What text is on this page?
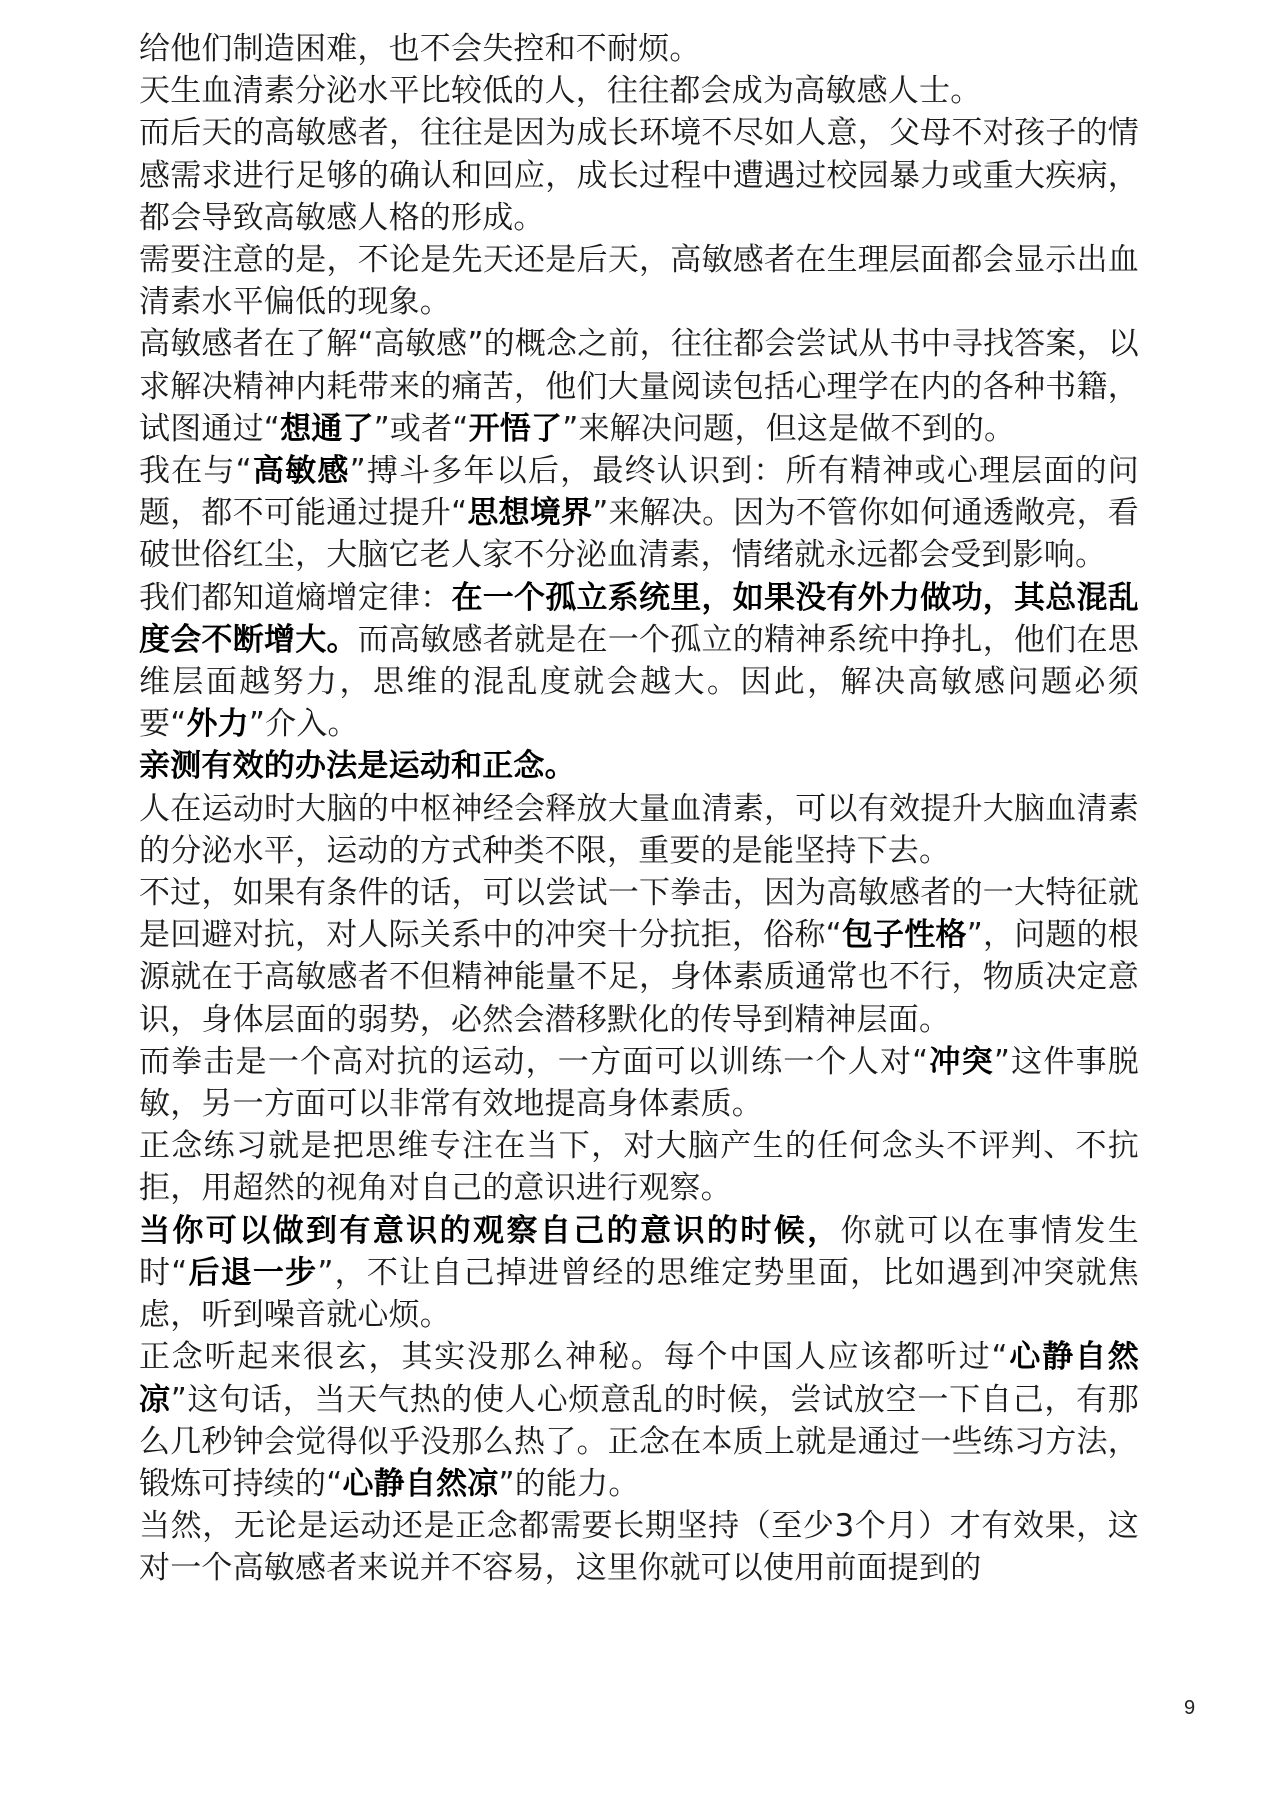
给他们制造困难，也不会失控和不耐烦。

天生血清素分泌水平比较低的人，往往都会成为高敏感人士。

而后天的高敏感者，往往是因为成长环境不尽如人意，父母不对孩子的情感需求进行足够的确认和回应，成长过程中遭遇过校园暴力或重大疾病，都会导致高敏感人格的形成。

需要注意的是，不论是先天还是后天，高敏感者在生理层面都会显示出血清素水平偏低的现象。

高敏感者在了解“高敏感”的概念之前，往往都会尝试从书中寻找答案，以求解决精神内耗带来的痛苦，他们大量阅读包括心理学在内的各种书籍，试图通过“想通了”或者“开悟了”来解决问题，但这是做不到的。

我在与“高敏感”搏斗多年以后，最终认识到：所有精神或心理层面的问题，都不可能通过提升“思想境界”来解决。因为不管你如何通透敞亮，看破世俗红尘，大脑它老人家不分泌血清素，情绪就永远都会受到影响。

我们都知道熵增定律：在一个孤立系统里，如果没有外力做功，其总混乱度会不断增大。而高敏感者就是在一个孤立的精神系统中挣扎，他们在思维层面越努力，思维的混乱度就会越大。因此，解决高敏感问题必须要“外力”介入。

亲测有效的办法是运动和正念。

人在运动时大脑的中枢神经会释放大量血清素，可以有效提升大脑血清素的分泌水平，运动的方式种类不限，重要的是能坚持下去。

不过，如果有条件的话，可以尝试一下拳击，因为高敏感者的一大特征就是回避对抗，对人际关系中的冲突十分抗拒，俗称“包子性格”，问题的根源就在于高敏感者不但精神能量不足，身体素质通常也不行，物质决定意识，身体层面的弱势，必然会潜移默化的传导到精神层面。

而拳击是一个高对抗的运动，一方面可以训练一个人对“冲突”这件事脱敏，另一方面可以非常有效地提高身体素质。

正念练习就是把思维专注在当下，对大脑产生的任何念头不评判、不抗拒，用超然的视角对自己的意识进行观察。

当你可以做到有意识的观察自己的意识的时候，你就可以在事情发生时“后退一步”，不让自己掉进曾经的思维定势里面，比如遇到冲突就焦虑，听到噪音就心烦。

正念听起来很玄，其实没那么神秘。每个中国人应该都听过“心静自然凉”这句话，当天气热的使人心烦意乱的时候，尝试放空一下自己，有那么几秒钟会觉得似乎没那么热了。正念在本质上就是通过一些练习方法，锻炼可持续的“心静自然凉”的能力。

当然，无论是运动还是正念都需要长期坚持（至少3个月）才有效果，这对一个高敏感者来说并不容易，这里你就可以使用前面提到的

9
